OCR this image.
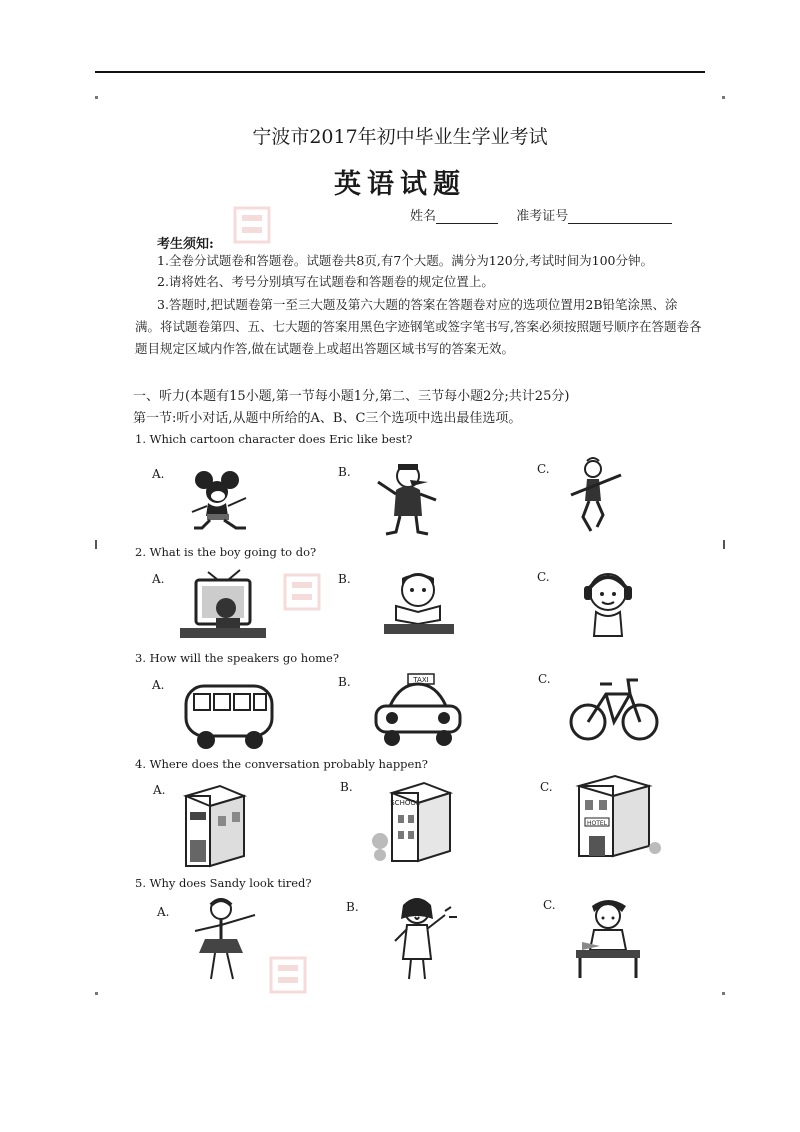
宁波市2017年初中毕业生学业考试
英语试题
姓名	准考证号
考生须知:
1.全卷分试题卷和答题卷。试题卷共8页,有7个大题。满分为120分,考试时间为100分钟。
2.请将姓名、考号分别填写在试题卷和答题卷的规定位置上。
3.答题时,把试题卷第一至三大题及第六大题的答案在答题卷对应的选项位置用2B铅笔涂黑、涂满。将试题卷第四、五、七大题的答案用黑色字迹钢笔或签字笔书写,答案必须按照题号顺序在答题卷各题目规定区域内作答,做在试题卷上或超出答题区域书写的答案无效。
一、听力(本题有15小题,第一节每小题1分,第二、三节每小题2分;共计25分)
第一节:听小对话,从题中所给的A、B、C三个选项中选出最佳选项。
1. Which cartoon character does Eric like best?
A.	B.	C.
2. What is the boy going to do?
A.	B.	C.
3. How will the speakers go home?
A.	B.	TAXI	C.
4. Where does the conversation probably happen?
A.	B.
SCHOOL
C.
HOTEL
5. Why does Sandy look tired?
A.	B.	C.
